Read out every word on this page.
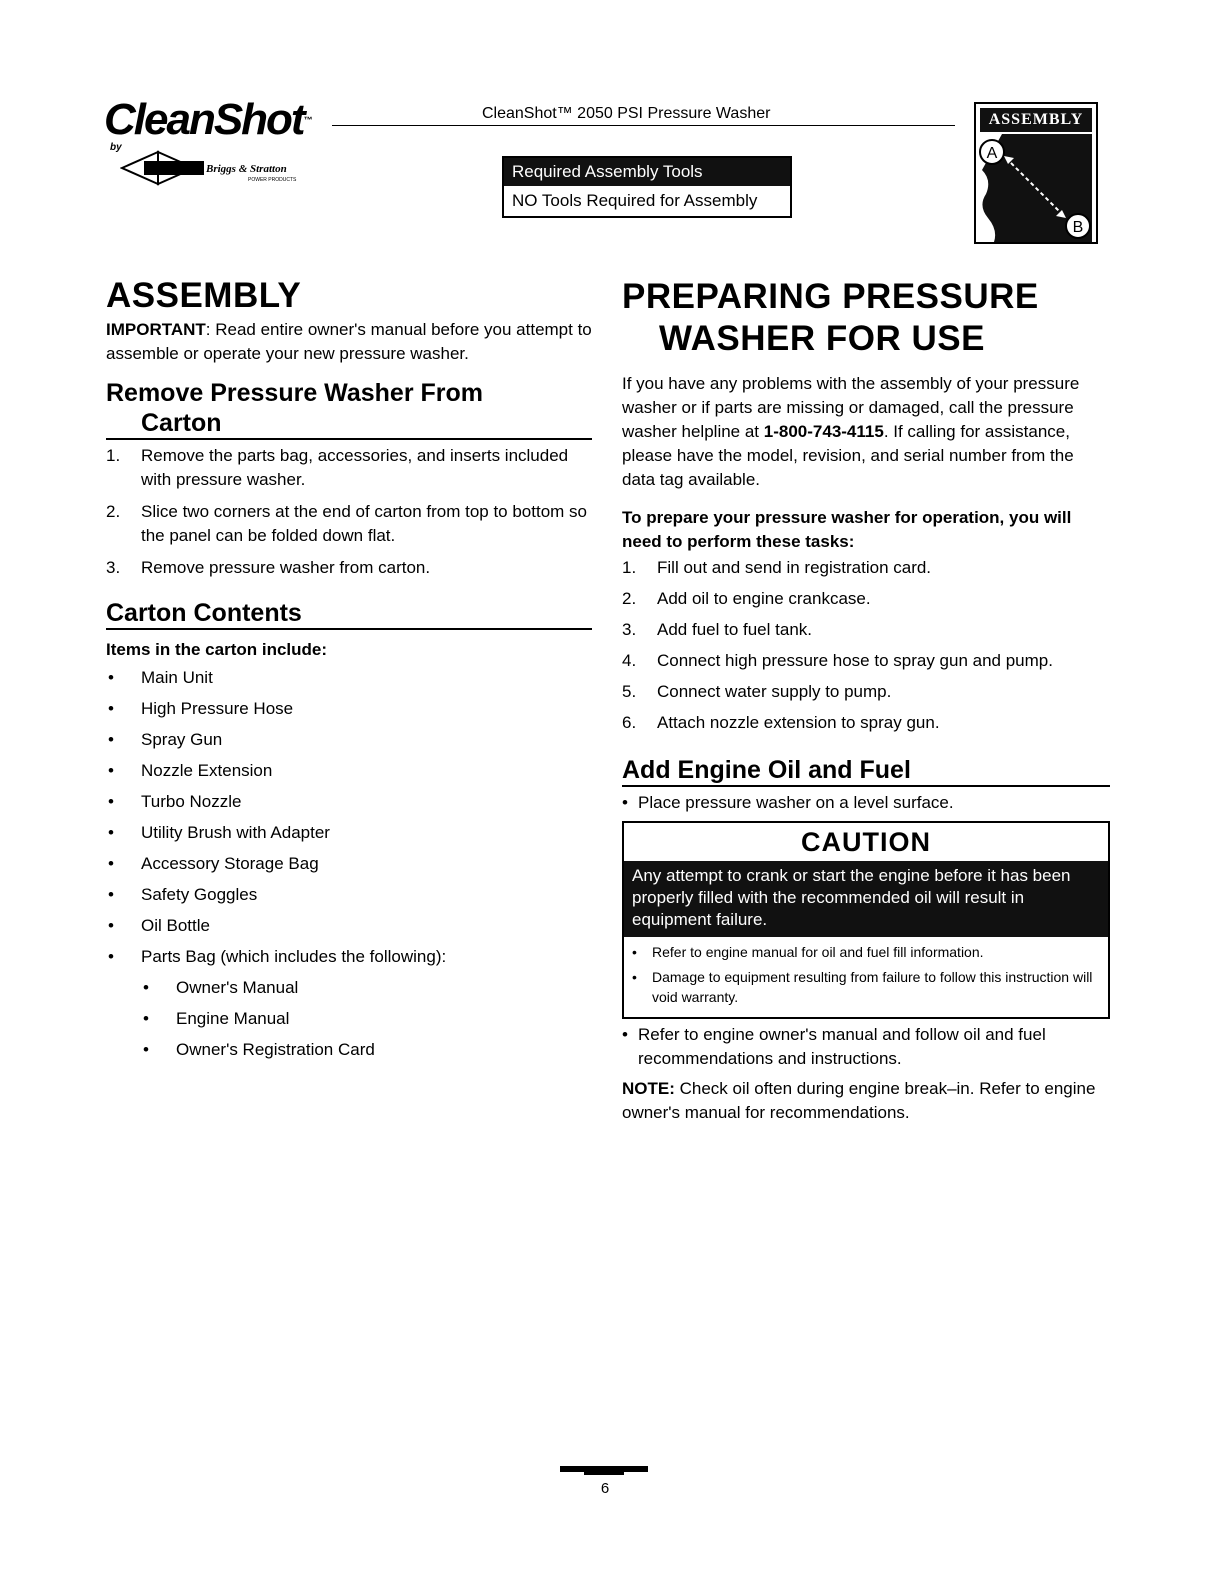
CleanShot™
by
Briggs & Stratton
POWER PRODUCTS
CleanShot™ 2050 PSI Pressure Washer
Required Assembly Tools
NO Tools Required for Assembly
ASSEMBLY
A
B
ASSEMBLY

IMPORTANT: Read entire owner's manual before you attempt to assemble or operate your new pressure washer.

Remove Pressure Washer From
Carton
1. Remove the parts bag, accessories, and inserts included with pressure washer.
2. Slice two corners at the end of carton from top to bottom so the panel can be folded down flat.
3. Remove pressure washer from carton.
Carton Contents

Items in the carton include:

• Main Unit
• High Pressure Hose
• Spray Gun
• Nozzle Extension
• Turbo Nozzle
• Utility Brush with Adapter
• Accessory Storage Bag
• Safety Goggles
• Oil Bottle
• Parts Bag (which includes the following):
• Owner's Manual
• Engine Manual
• Owner's Registration Card
PREPARING PRESSURE
WASHER FOR USE

If you have any problems with the assembly of your pressure washer or if parts are missing or damaged, call the pressure washer helpline at 1-800-743-4115. If calling for assistance, please have the model, revision, and serial number from the data tag available.

To prepare your pressure washer for operation, you will need to perform these tasks:

1. Fill out and send in registration card.
2. Add oil to engine crankcase.
3. Add fuel to fuel tank.
4. Connect high pressure hose to spray gun and pump.
5. Connect water supply to pump.
6. Attach nozzle extension to spray gun.
Add Engine Oil and Fuel
• Place pressure washer on a level surface.
CAUTION
Any attempt to crank or start the engine before it has been properly filled with the recommended oil will result in equipment failure.
• Refer to engine manual for oil and fuel fill information.
• Damage to equipment resulting from failure to follow this instruction will void warranty.
• Refer to engine owner's manual and follow oil and fuel recommendations and instructions.

NOTE: Check oil often during engine break–in. Refer to engine owner's manual for recommendations.

6
